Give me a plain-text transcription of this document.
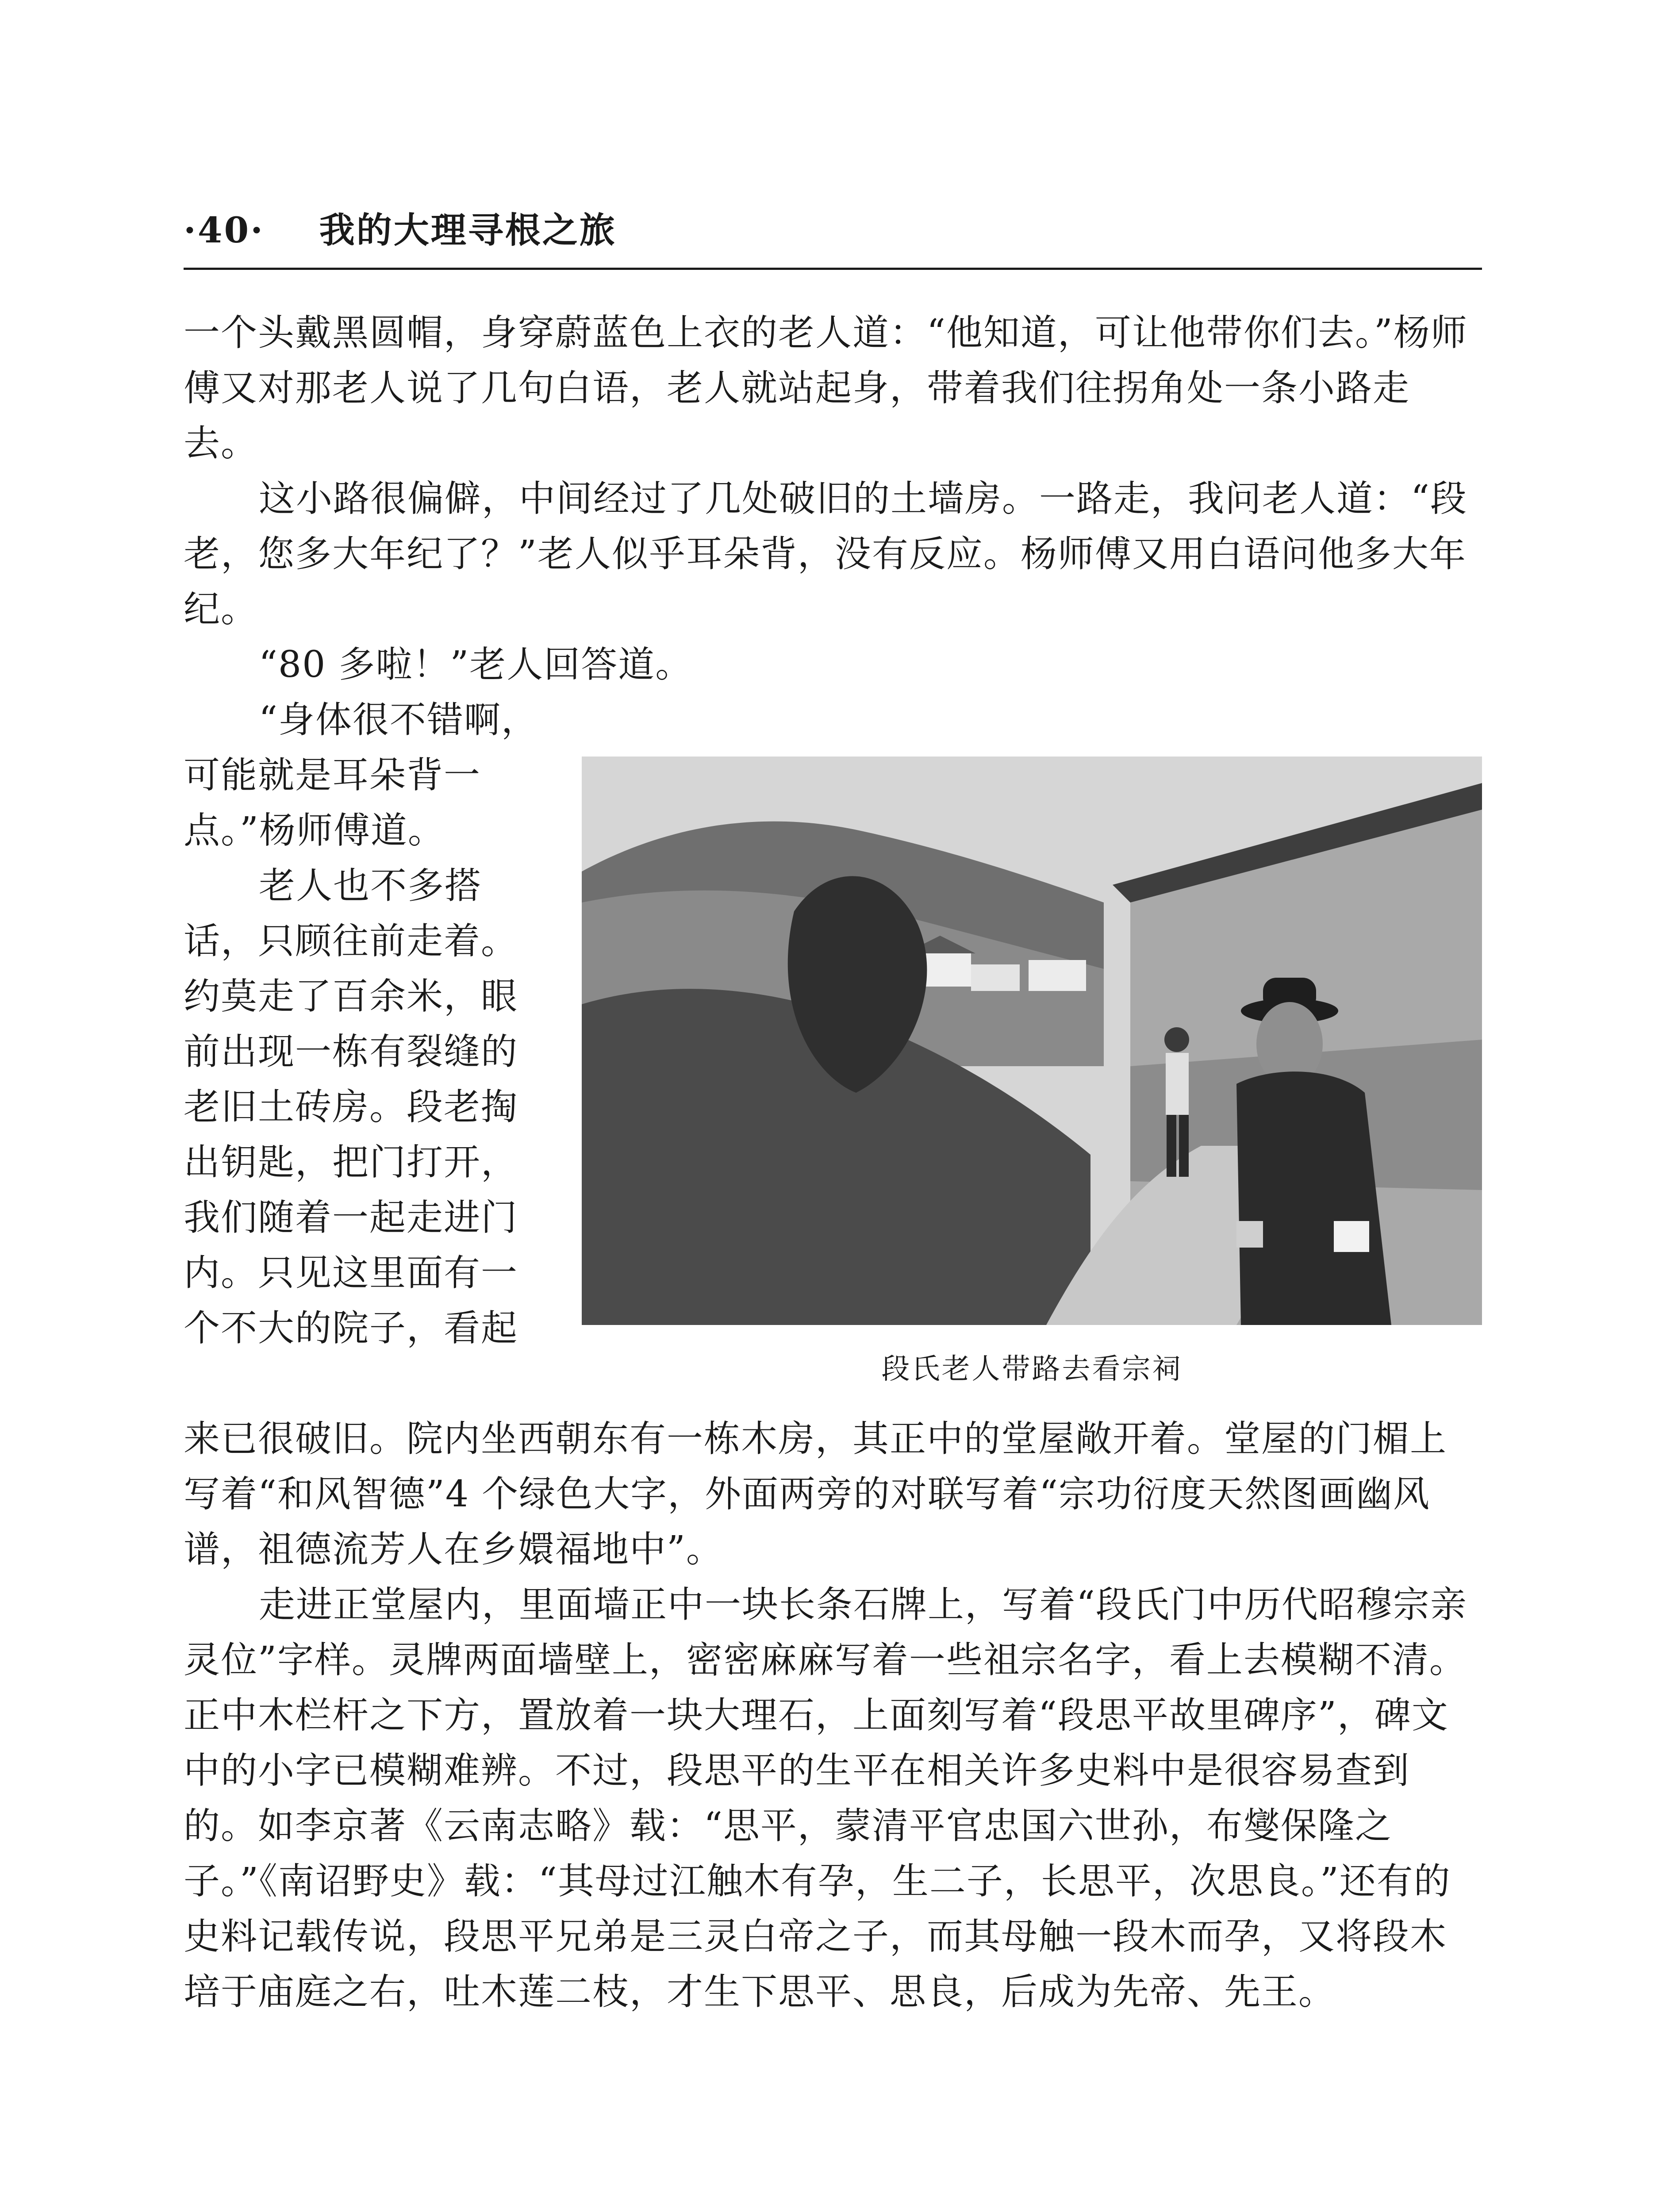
·40· 我的大理寻根之旅

一个头戴黑圆帽，身穿蔚蓝色上衣的老人道：“他知道，可让他带你们去。”杨师傅又对那老人说了几句白语，老人就站起身，带着我们往拐角处一条小路走去。

这小路很偏僻，中间经过了几处破旧的土墙房。一路走，我问老人道：“段老，您多大年纪了？”老人似乎耳朵背，没有反应。杨师傅又用白语问他多大年纪。

“80 多啦！”老人回答道。

“身体很不错啊，可能就是耳朵背一点。”杨师傅道。

老人也不多搭话，只顾往前走着。约莫走了百余米，眼前出现一栋有裂缝的老旧土砖房。段老掏出钥匙，把门打开，我们随着一起走进门内。只见这里面有一个不大的院子，看起

来已很破旧。院内坐西朝东有一栋木房，其正中的堂屋敞开着。堂屋的门楣上写着“和风智德”4 个绿色大字，外面两旁的对联写着“宗功衍度天然图画幽风谱，祖德流芳人在乡嬛福地中”。

走进正堂屋内，里面墙正中一块长条石牌上，写着“段氏门中历代昭穆宗亲灵位”字样。灵牌两面墙壁上，密密麻麻写着一些祖宗名字，看上去模糊不清。正中木栏杆之下方，置放着一块大理石，上面刻写着“段思平故里碑序”，碑文中的小字已模糊难辨。不过，段思平的生平在相关许多史料中是很容易查到的。如李京著《云南志略》载：“思平，蒙清平官忠国六世孙，布燮保隆之子。”《南诏野史》载：“其母过江触木有孕，生二子，长思平，次思良。”还有的史料记载传说，段思平兄弟是三灵白帝之子，而其母触一段木而孕，又将段木培于庙庭之右，吐木莲二枝，才生下思平、思良，后成为先帝、先王。

段氏老人带路去看宗祠
